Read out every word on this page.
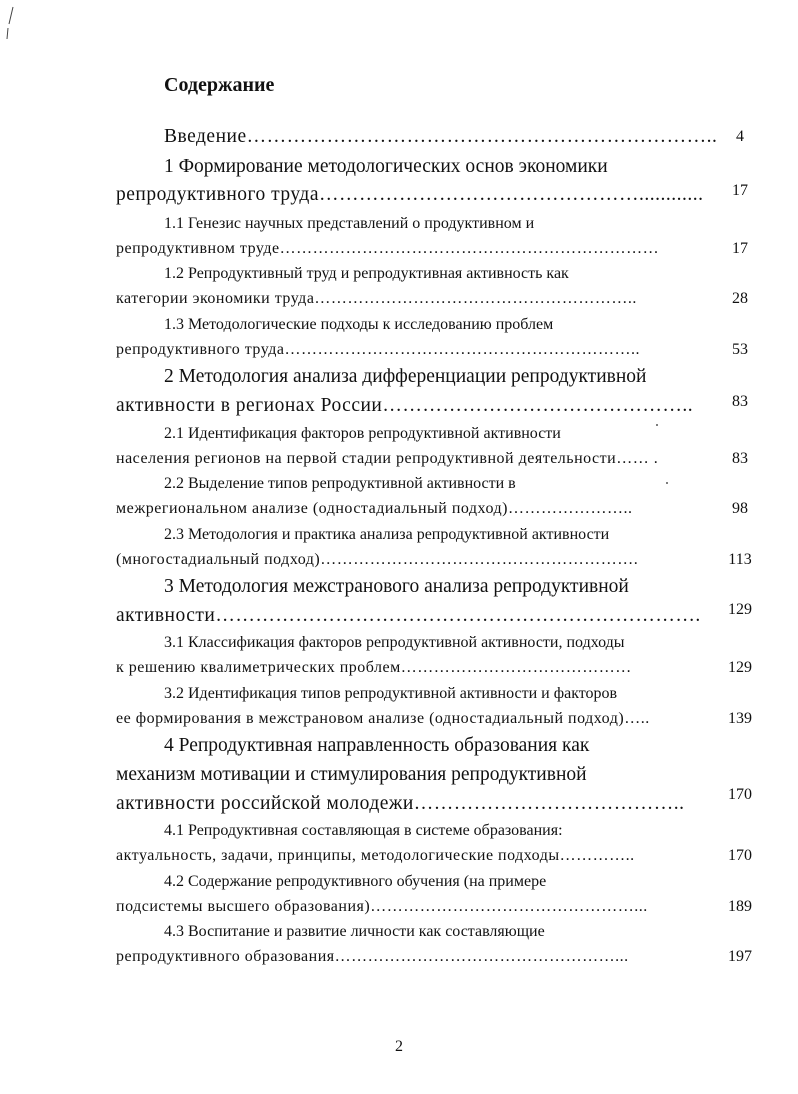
Содержание
Введение……………………………………………………………..	4
1 Формирование методологических основ экономики
репродуктивного труда…………………………………………............	17
1.1 Генезис научных представлений о продуктивном и
репродуктивном труде……………………………………………………………	17
1.2 Репродуктивный труд и репродуктивная активность как
категории экономики труда…………………………………………………..	28
1.3 Методологические подходы к исследованию проблем
репродуктивного труда………………………………………………………..	53
2 Методология анализа дифференциации репродуктивной
активности в регионах России………………………………………..	83
2.1 Идентификация факторов репродуктивной активности
населения регионов на первой стадии репродуктивной деятельности…… .	83
2.2 Выделение типов репродуктивной активности в
межрегиональном анализе (одностадиальный подход)…………………..	98
2.3 Методология и практика анализа репродуктивной активности
(многостадиальный подход)………………………………………………….	113
3 Методология межстранового анализа репродуктивной
активности……………………………………………………………….	129
3.1 Классификация факторов репродуктивной активности, подходы
к решению квалиметрических проблем……………………………………	129
3.2 Идентификация типов репродуктивной активности и факторов
ее формирования в межстрановом анализе (одностадиальный подход)…..	139
4 Репродуктивная направленность образования как
механизм мотивации и стимулирования репродуктивной
активности российской молодежи…………………………………..	170
4.1 Репродуктивная составляющая в системе образования:
актуальность, задачи, принципы, методологические подходы…………..	170
4.2 Содержание репродуктивного обучения (на примере
подсистемы высшего образования)…………………………………………...	189
4.3 Воспитание и развитие личности как составляющие
репродуктивного образования……………………………………………...	197
2
